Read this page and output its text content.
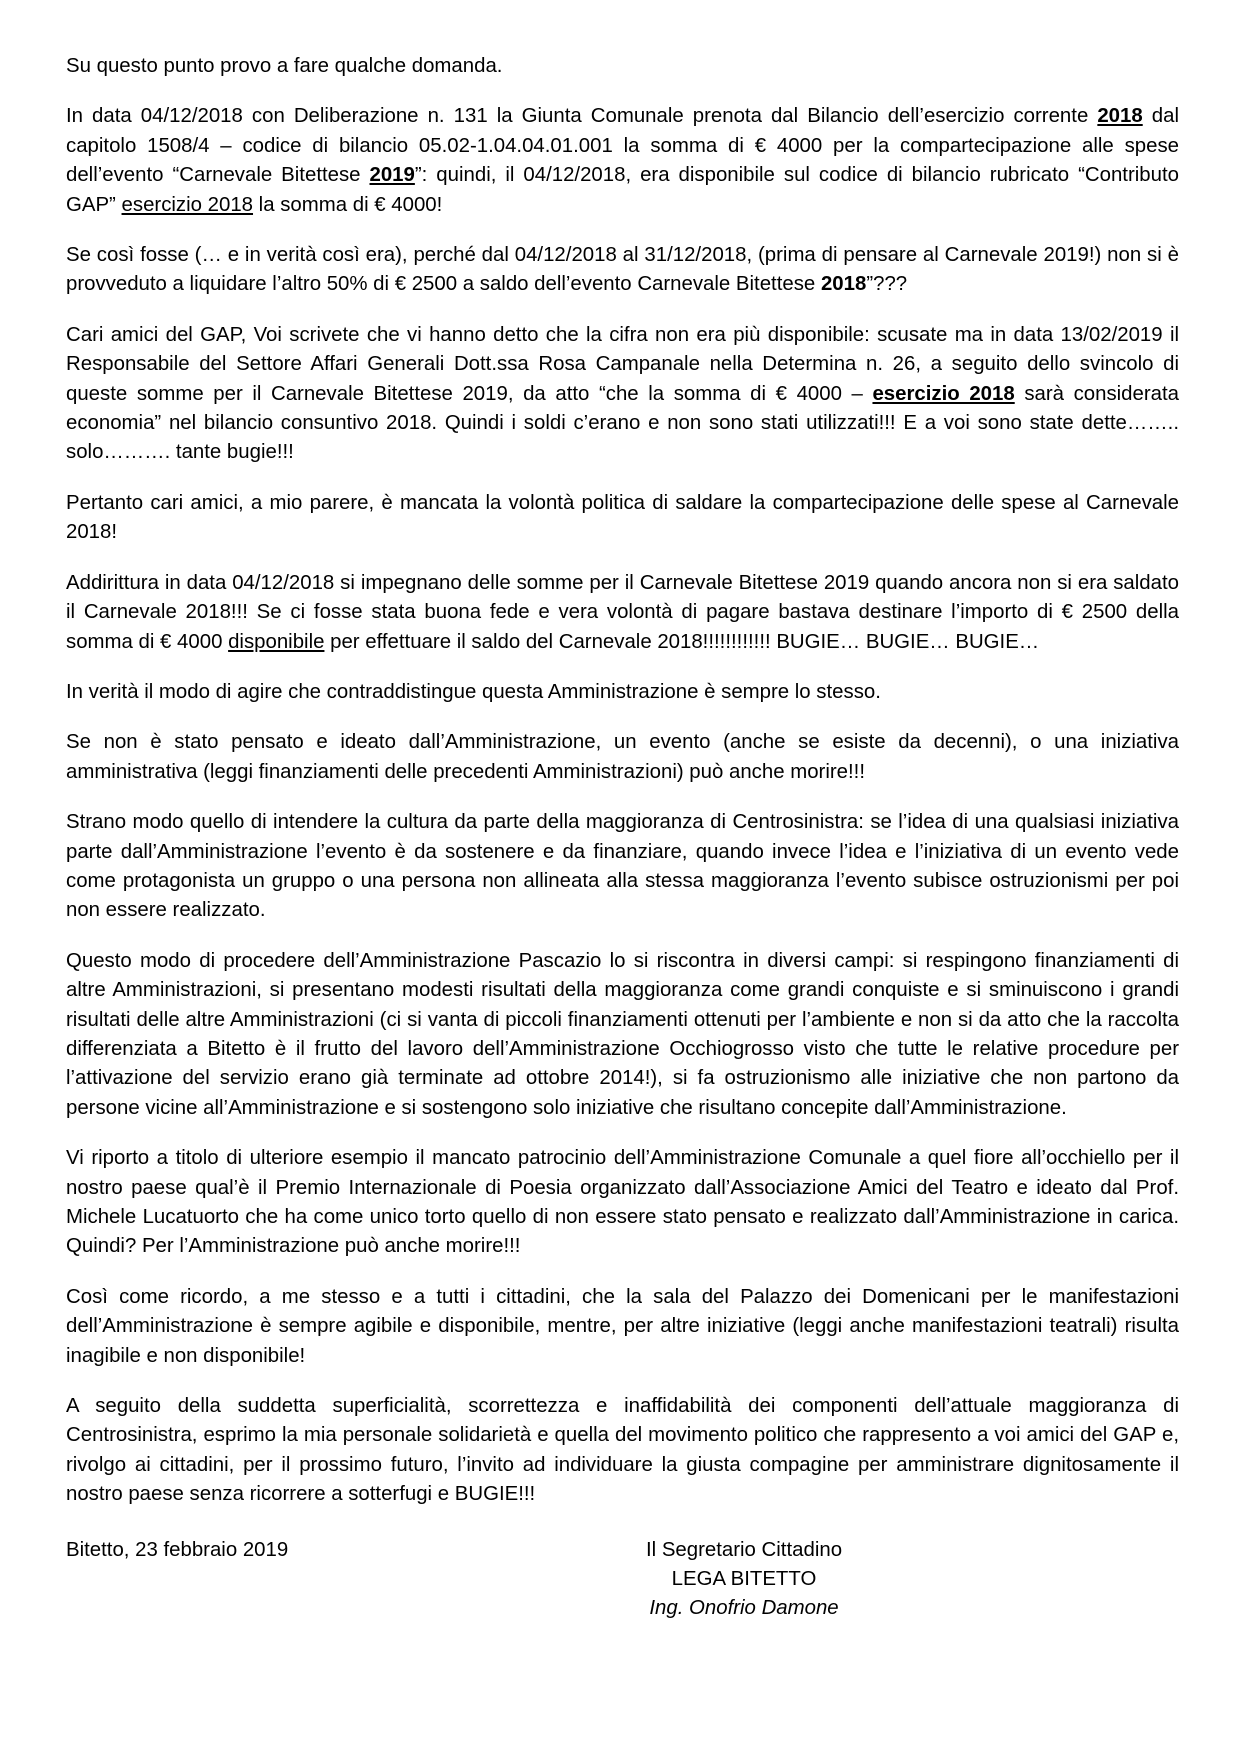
Su questo punto provo a fare qualche domanda.

In data 04/12/2018 con Deliberazione n. 131 la Giunta Comunale prenota dal Bilancio dell’esercizio corrente 2018 dal capitolo 1508/4 – codice di bilancio 05.02-1.04.04.01.001 la somma di € 4000 per la compartecipazione alle spese dell’evento “Carnevale Bitettese 2019”: quindi, il 04/12/2018, era disponibile sul codice di bilancio rubricato “Contributo GAP” esercizio 2018 la somma di € 4000!

Se così fosse (… e in verità così era), perché dal 04/12/2018 al 31/12/2018, (prima di pensare al Carnevale 2019!) non si è provveduto a liquidare l’altro 50% di € 2500 a saldo dell’evento Carnevale Bitettese 2018”???

Cari amici del GAP, Voi scrivete che vi hanno detto che la cifra non era più disponibile: scusate ma in data 13/02/2019 il Responsabile del Settore Affari Generali Dott.ssa Rosa Campanale nella Determina n. 26, a seguito dello svincolo di queste somme per il Carnevale Bitettese 2019, da atto “che la somma di € 4000 – esercizio 2018 sarà considerata economia” nel bilancio consuntivo 2018. Quindi i soldi c’erano e non sono stati utilizzati!!! E a voi sono state dette…….. solo………. tante bugie!!!

Pertanto cari amici, a mio parere, è mancata la volontà politica di saldare la compartecipazione delle spese al Carnevale 2018!

Addirittura in data 04/12/2018 si impegnano delle somme per il Carnevale Bitettese 2019 quando ancora non si era saldato il Carnevale 2018!!! Se ci fosse stata buona fede e vera volontà di pagare bastava destinare l’importo di € 2500 della somma di € 4000 disponibile per effettuare il saldo del Carnevale 2018!!!!!!!!!!!! BUGIE… BUGIE… BUGIE…

In verità il modo di agire che contraddistingue questa Amministrazione è sempre lo stesso.

Se non è stato pensato e ideato dall’Amministrazione, un evento (anche se esiste da decenni), o una iniziativa amministrativa (leggi finanziamenti delle precedenti Amministrazioni) può anche morire!!!

Strano modo quello di intendere la cultura da parte della maggioranza di Centrosinistra: se l’idea di una qualsiasi iniziativa parte dall’Amministrazione l’evento è da sostenere e da finanziare, quando invece l’idea e l’iniziativa di un evento vede come protagonista un gruppo o una persona non allineata alla stessa maggioranza l’evento subisce ostruzionismi per poi non essere realizzato.

Questo modo di procedere dell’Amministrazione Pascazio lo si riscontra in diversi campi: si respingono finanziamenti di altre Amministrazioni, si presentano modesti risultati della maggioranza come grandi conquiste e si sminuiscono i grandi risultati delle altre Amministrazioni (ci si vanta di piccoli finanziamenti ottenuti per l’ambiente e non si da atto che la raccolta differenziata a Bitetto è il frutto del lavoro dell’Amministrazione Occhiogrosso visto che tutte le relative procedure per l’attivazione del servizio erano già terminate ad ottobre 2014!), si fa ostruzionismo alle iniziative che non partono da persone vicine all’Amministrazione e si sostengono solo iniziative che risultano concepite dall’Amministrazione.

Vi riporto a titolo di ulteriore esempio il mancato patrocinio dell’Amministrazione Comunale a quel fiore all’occhiello per il nostro paese qual’è il Premio Internazionale di Poesia organizzato dall’Associazione Amici del Teatro e ideato dal Prof. Michele Lucatuorto che ha come unico torto quello di non essere stato pensato e realizzato dall’Amministrazione in carica. Quindi? Per l’Amministrazione può anche morire!!!

Così come ricordo, a me stesso e a tutti i cittadini, che la sala del Palazzo dei Domenicani per le manifestazioni dell’Amministrazione è sempre agibile e disponibile, mentre, per altre iniziative (leggi anche manifestazioni teatrali) risulta inagibile e non disponibile!

A seguito della suddetta superficialità, scorrettezza e inaffidabilità dei componenti dell’attuale maggioranza di Centrosinistra, esprimo la mia personale solidarietà e quella del movimento politico che rappresento a voi amici del GAP e, rivolgo ai cittadini, per il prossimo futuro, l’invito ad individuare la giusta compagine per amministrare dignitosamente il nostro paese senza ricorrere a sotterfugi e BUGIE!!!

Bitetto, 23 febbraio 2019	Il Segretario Cittadino
LEGA BITETTO
Ing. Onofrio Damone
